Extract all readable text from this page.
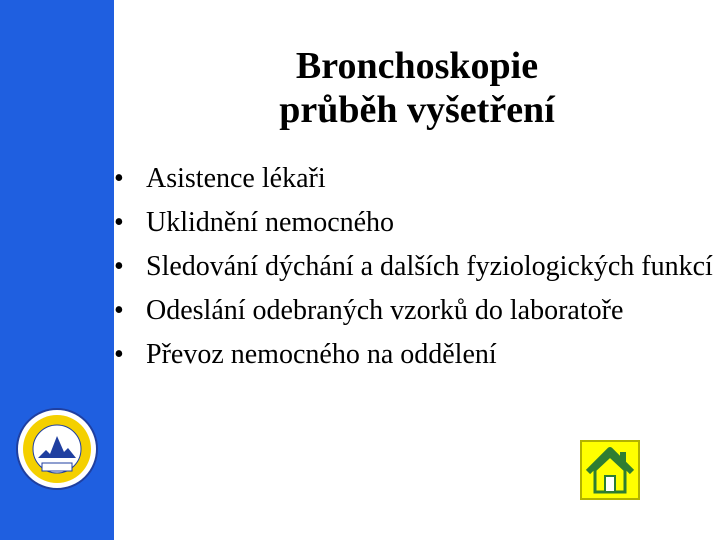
Bronchoskopie
průběh vyšetření
•
Asistence lékaři
•
Uklidnění nemocného
•
Sledování dýchání a dalších fyziologických funkcí
•
Odeslání odebraných vzorků do laboratoře
•
Převoz nemocného na oddělení
